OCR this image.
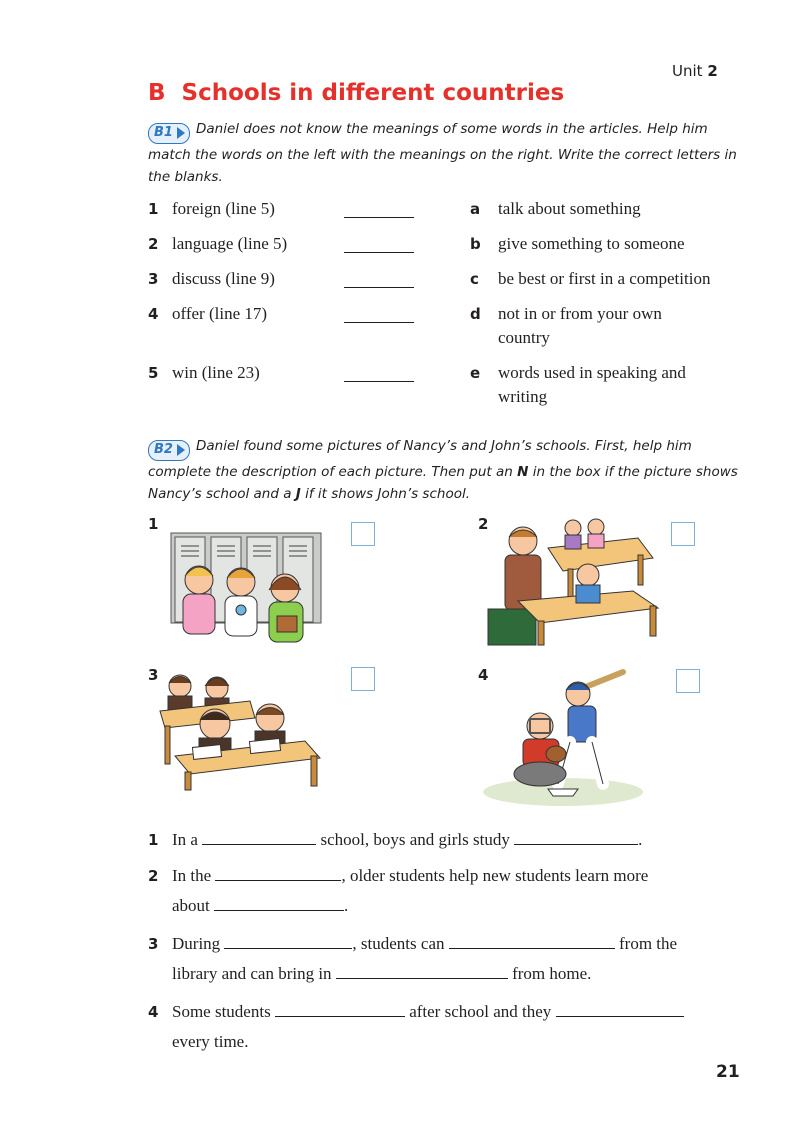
Unit 2
B Schools in different countries
B1 Daniel does not know the meanings of some words in the articles. Help him match the words on the left with the meanings on the right. Write the correct letters in the blanks.
1 foreign (line 5)	a talk about something
2 language (line 5)	b give something to someone
3 discuss (line 9)	c be best or first in a competition
4 offer (line 17)	d not in or from your own country
5 win (line 23)	e words used in speaking and writing
B2 Daniel found some pictures of Nancy’s and John’s schools. First, help him complete the description of each picture. Then put an N in the box if the picture shows Nancy’s school and a J if it shows John’s school.
1	2
3	4
1 In a	school, boys and girls study	.
2 In the	, older students help new students learn more
about	.
3 During	, students can	from the
library and can bring in	from home.
4 Some students	after school and they
every time.
21
